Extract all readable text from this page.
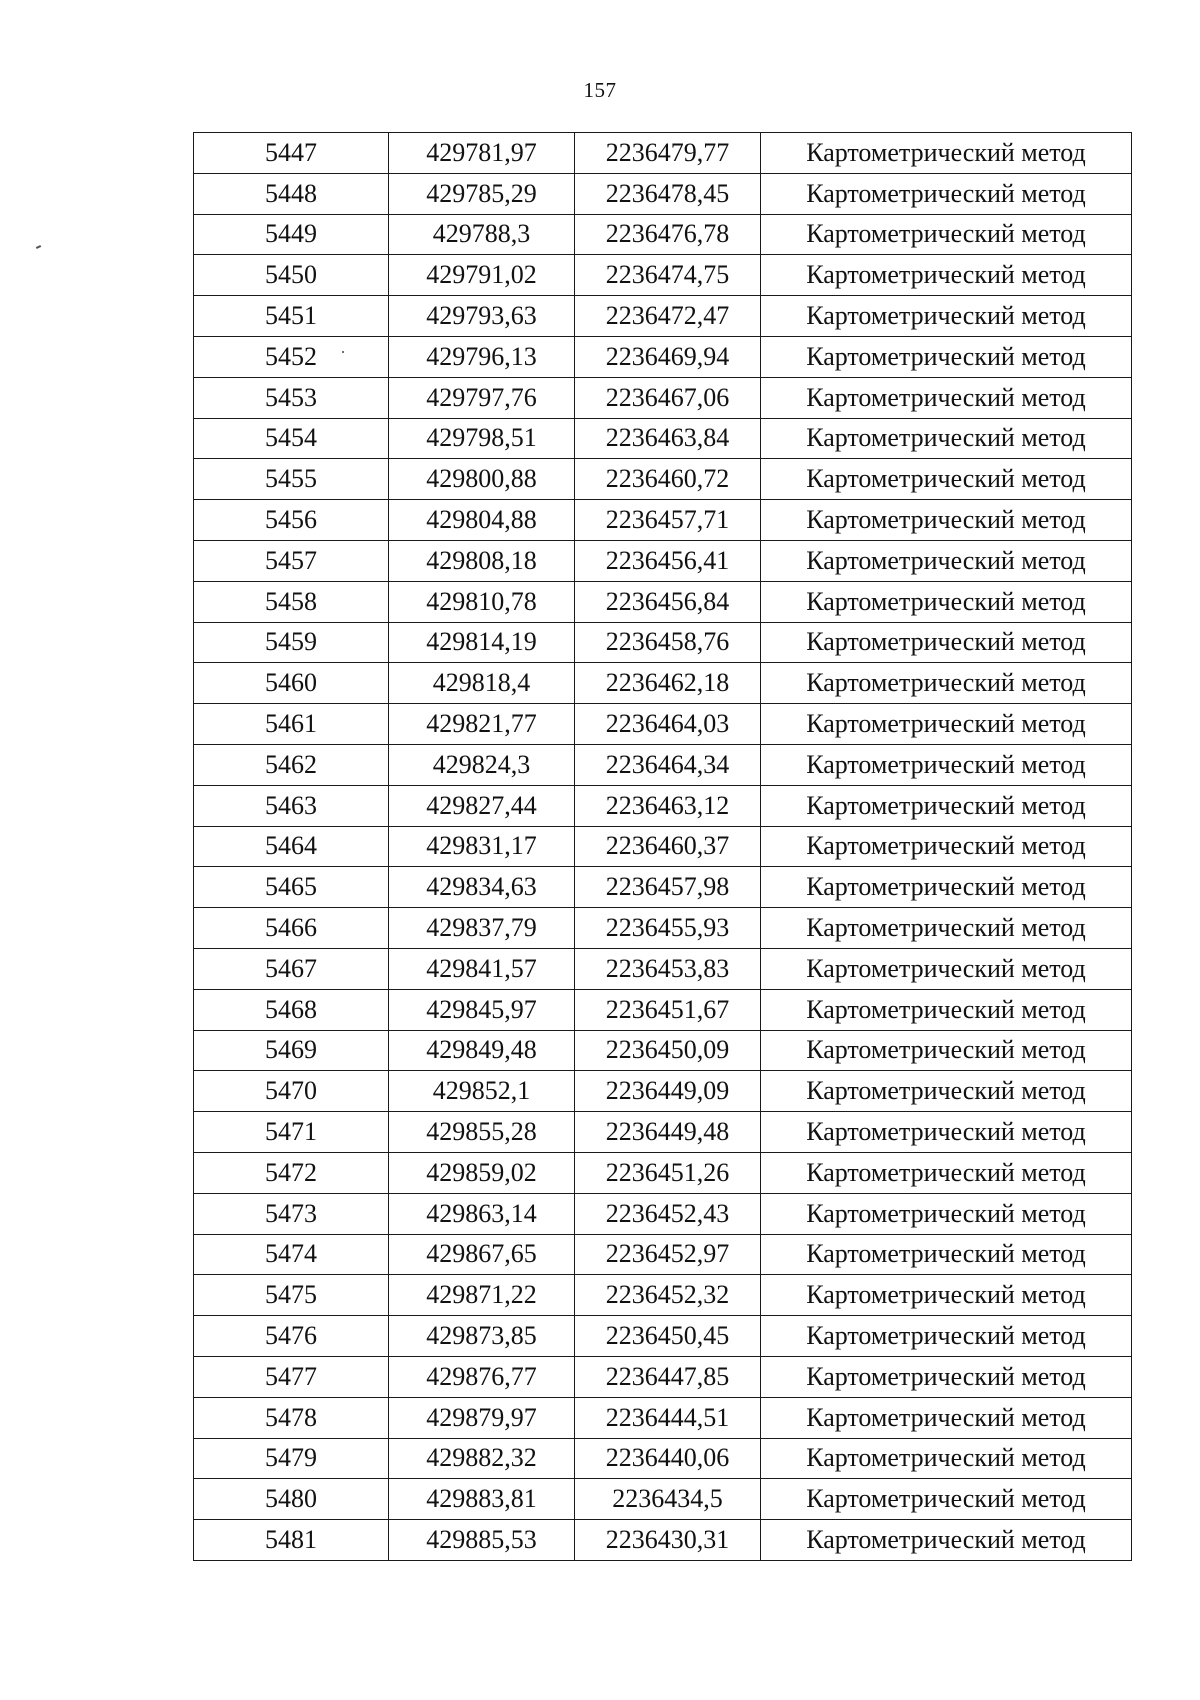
157
5447	429781,97	2236479,77	Картометрический метод
5448	429785,29	2236478,45	Картометрический метод
5449	429788,3	2236476,78	Картометрический метод
5450	429791,02	2236474,75	Картометрический метод
5451	429793,63	2236472,47	Картометрический метод
5452	429796,13	2236469,94	Картометрический метод
5453	429797,76	2236467,06	Картометрический метод
5454	429798,51	2236463,84	Картометрический метод
5455	429800,88	2236460,72	Картометрический метод
5456	429804,88	2236457,71	Картометрический метод
5457	429808,18	2236456,41	Картометрический метод
5458	429810,78	2236456,84	Картометрический метод
5459	429814,19	2236458,76	Картометрический метод
5460	429818,4	2236462,18	Картометрический метод
5461	429821,77	2236464,03	Картометрический метод
5462	429824,3	2236464,34	Картометрический метод
5463	429827,44	2236463,12	Картометрический метод
5464	429831,17	2236460,37	Картометрический метод
5465	429834,63	2236457,98	Картометрический метод
5466	429837,79	2236455,93	Картометрический метод
5467	429841,57	2236453,83	Картометрический метод
5468	429845,97	2236451,67	Картометрический метод
5469	429849,48	2236450,09	Картометрический метод
5470	429852,1	2236449,09	Картометрический метод
5471	429855,28	2236449,48	Картометрический метод
5472	429859,02	2236451,26	Картометрический метод
5473	429863,14	2236452,43	Картометрический метод
5474	429867,65	2236452,97	Картометрический метод
5475	429871,22	2236452,32	Картометрический метод
5476	429873,85	2236450,45	Картометрический метод
5477	429876,77	2236447,85	Картометрический метод
5478	429879,97	2236444,51	Картометрический метод
5479	429882,32	2236440,06	Картометрический метод
5480	429883,81	2236434,5	Картометрический метод
5481	429885,53	2236430,31	Картометрический метод
